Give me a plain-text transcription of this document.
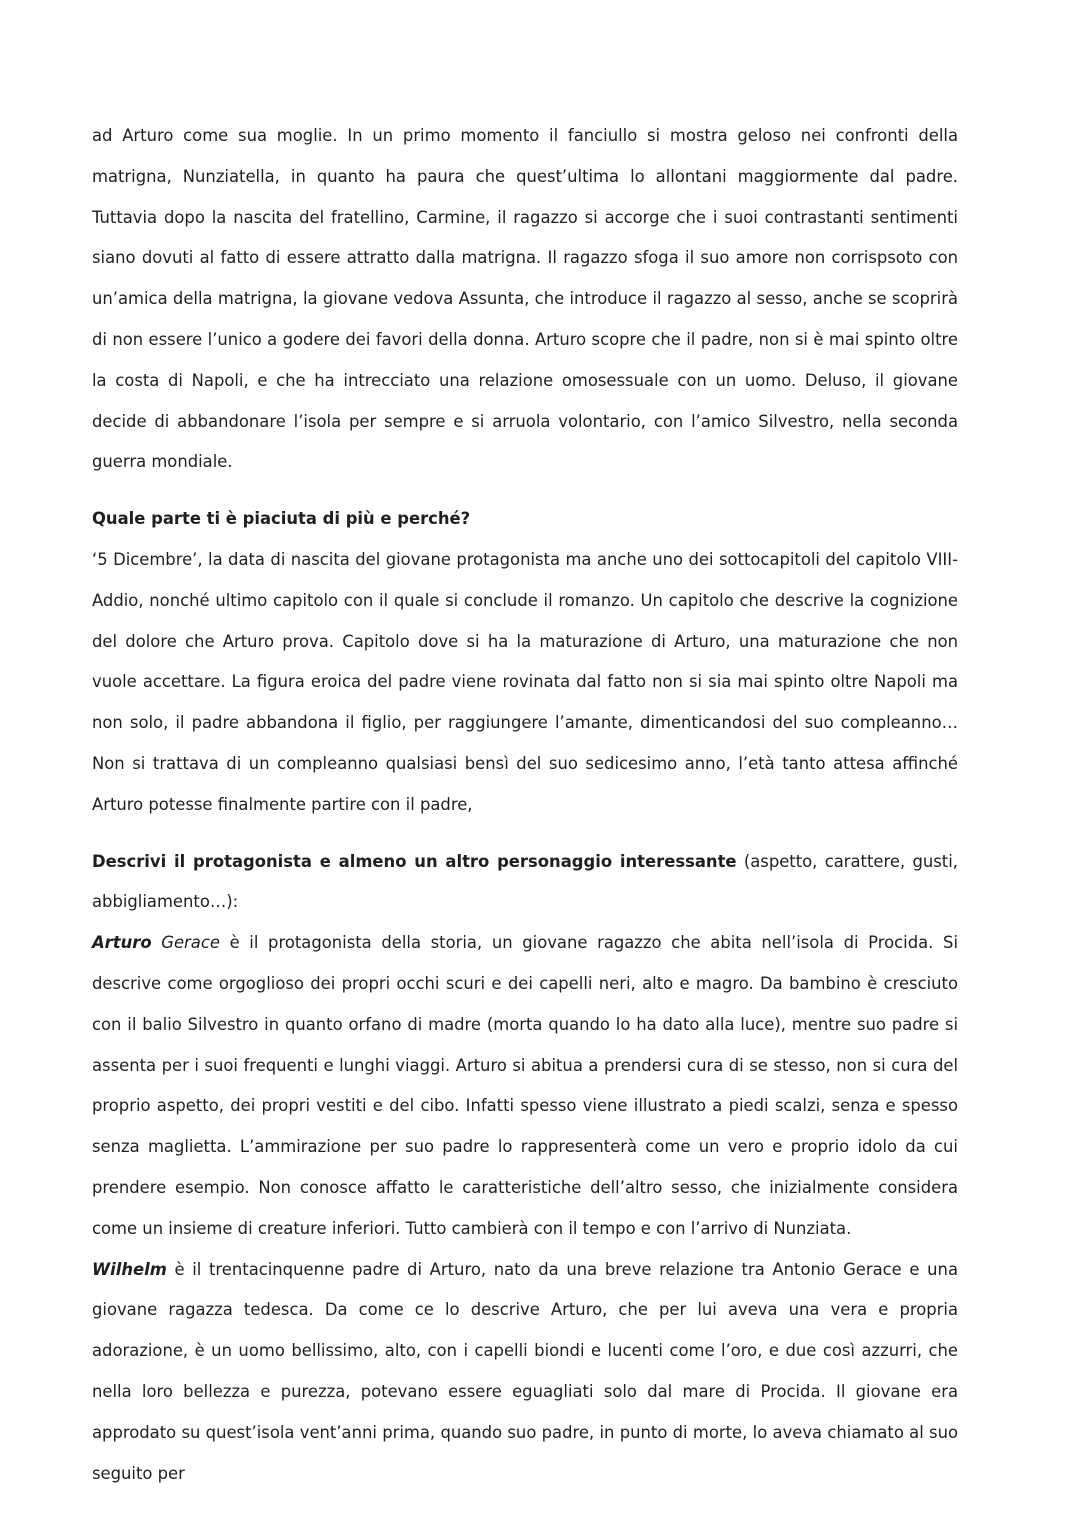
ad Arturo come sua moglie. In un primo momento il fanciullo si mostra geloso nei confronti della matrigna, Nunziatella, in quanto ha paura che quest’ultima lo allontani maggiormente dal padre. Tuttavia dopo la nascita del fratellino, Carmine, il ragazzo si accorge che i suoi contrastanti sentimenti siano dovuti al fatto di essere attratto dalla matrigna. Il ragazzo sfoga il suo amore non corrispsoto con un’amica della matrigna, la giovane vedova Assunta, che introduce il ragazzo al sesso, anche se scoprirà di non essere l’unico a godere dei favori della donna. Arturo scopre che il padre, non si è mai spinto oltre la costa di Napoli, e che ha intrecciato una relazione omosessuale con un uomo. Deluso, il giovane decide di abbandonare l’isola per sempre e si arruola volontario, con l’amico Silvestro, nella seconda guerra mondiale.

Quale parte ti è piaciuta di più e perché?

‘5 Dicembre’, la data di nascita del giovane protagonista ma anche uno dei sottocapitoli del capitolo VIII-Addio, nonché ultimo capitolo con il quale si conclude il romanzo. Un capitolo che descrive la cognizione del dolore che Arturo prova. Capitolo dove si ha la maturazione di Arturo, una maturazione che non vuole accettare. La figura eroica del padre viene rovinata dal fatto non si sia mai spinto oltre Napoli ma non solo, il padre abbandona il figlio, per raggiungere l’amante, dimenticandosi del suo compleanno… Non si trattava di un compleanno qualsiasi bensì del suo sedicesimo anno, l’età tanto attesa affinché Arturo potesse finalmente partire con il padre,

Descrivi il protagonista e almeno un altro personaggio interessante (aspetto, carattere, gusti, abbigliamento…):

Arturo Gerace è il protagonista della storia, un giovane ragazzo che abita nell’isola di Procida. Si descrive come orgoglioso dei propri occhi scuri e dei capelli neri, alto e magro. Da bambino è cresciuto con il balio Silvestro in quanto orfano di madre (morta quando lo ha dato alla luce), mentre suo padre si assenta per i suoi frequenti e lunghi viaggi. Arturo si abitua a prendersi cura di se stesso, non si cura del proprio aspetto, dei propri vestiti e del cibo. Infatti spesso viene illustrato a piedi scalzi, senza e spesso senza maglietta. L’ammirazione per suo padre lo rappresenterà come un vero e proprio idolo da cui prendere esempio. Non conosce affatto le caratteristiche dell’altro sesso, che inizialmente considera come un insieme di creature inferiori. Tutto cambierà con il tempo e con l’arrivo di Nunziata.

Wilhelm è il trentacinquenne padre di Arturo, nato da una breve relazione tra Antonio Gerace e una giovane ragazza tedesca. Da come ce lo descrive Arturo, che per lui aveva una vera e propria adorazione, è un uomo bellissimo, alto, con i capelli biondi e lucenti come l’oro, e due così azzurri, che nella loro bellezza e purezza, potevano essere eguagliati solo dal mare di Procida. Il giovane era approdato su quest’isola vent’anni prima, quando suo padre, in punto di morte, lo aveva chiamato al suo seguito per
